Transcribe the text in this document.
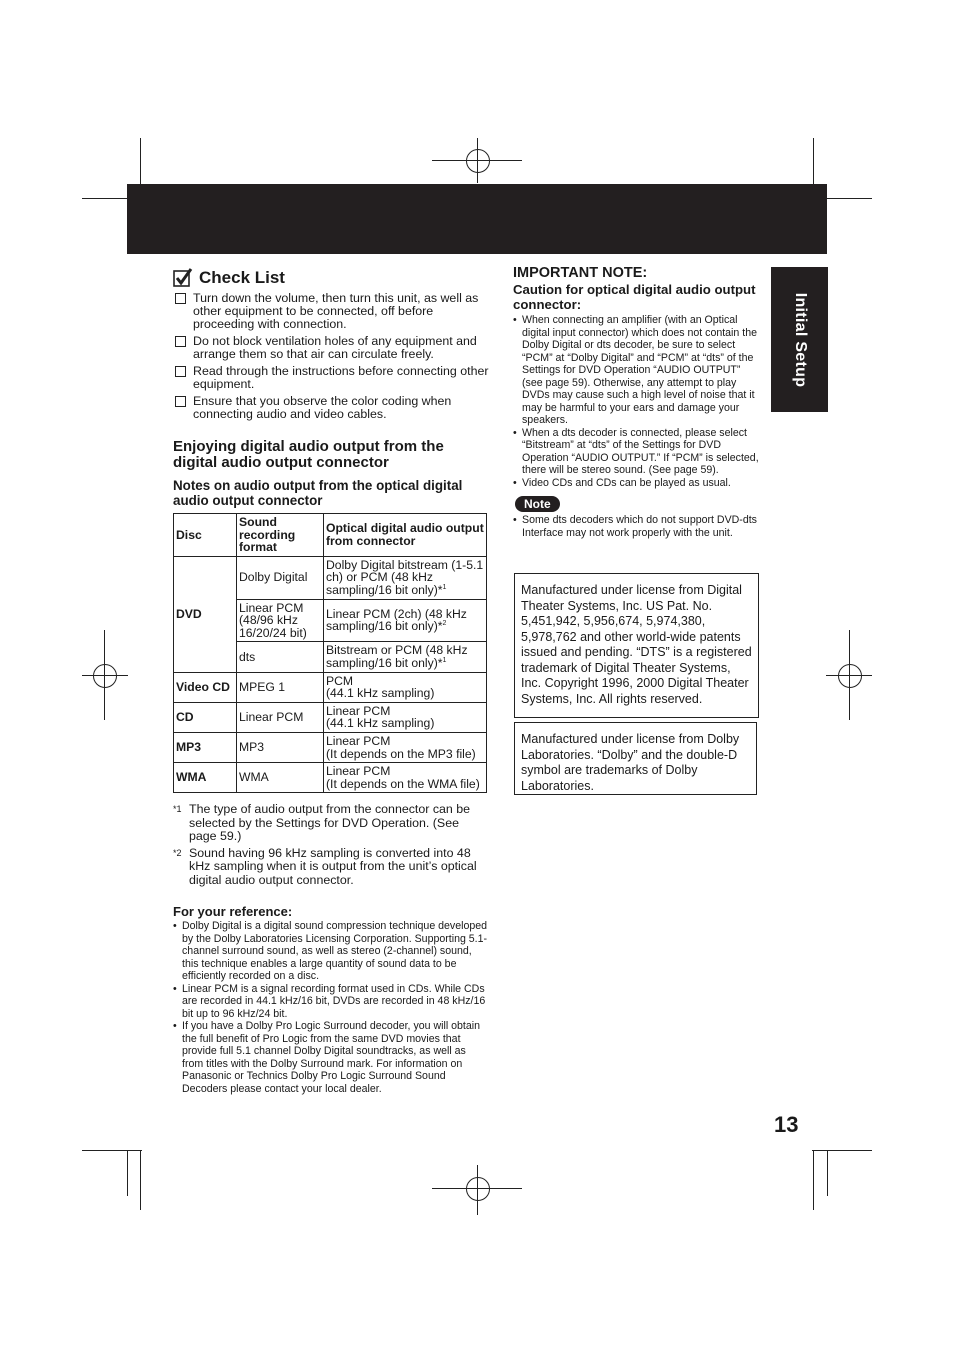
Initial Setup
13
Check List
Turn down the volume, then turn this unit, as well as other equipment to be connected, off before proceeding with connection.
Do not block ventilation holes of any equipment and arrange them so that air can circulate freely.
Read through the instructions before connecting other equipment.
Ensure that you observe the color coding when connecting audio and video cables.
Enjoying digital audio output from the digital audio output connector
Notes on audio output from the optical digital audio output connector
Disc	Sound recording format	Optical digital audio output from connector
DVD	Dolby Digital	Dolby Digital bitstream (1-5.1 ch) or PCM (48 kHz sampling/16 bit only)*$^1$
	Linear PCM (48/96 kHz 16/20/24 bit)	Linear PCM (2ch) (48 kHz sampling/16 bit only)*$^2$
	dts	Bitstream or PCM (48 kHz sampling/16 bit only)*$^1$
Video CD	MPEG 1	PCM
(44.1 kHz sampling)
CD	Linear PCM	Linear PCM
(44.1 kHz sampling)
MP3	MP3	Linear PCM
(It depends on the MP3 file)
WMA	WMA	Linear PCM
(It depends on the WMA file)
*1 The type of audio output from the connector can be selected by the Settings for DVD Operation. (See page 59.)
*2 Sound having 96 kHz sampling is converted into 48 kHz sampling when it is output from the unit’s optical digital audio output connector.
For your reference:
• Dolby Digital is a digital sound compression technique developed by the Dolby Laboratories Licensing Corporation. Supporting 5.1-channel surround sound, as well as stereo (2-channel) sound, this technique enables a large quantity of sound data to be efficiently recorded on a disc.
• Linear PCM is a signal recording format used in CDs. While CDs are recorded in 44.1 kHz/16 bit, DVDs are recorded in 48 kHz/16 bit up to 96 kHz/24 bit.
• If you have a Dolby Pro Logic Surround decoder, you will obtain the full benefit of Pro Logic from the same DVD movies that provide full 5.1 channel Dolby Digital soundtracks, as well as from titles with the Dolby Surround mark. For information on Panasonic or Technics Dolby Pro Logic Surround Sound Decoders please contact your local dealer.
IMPORTANT NOTE:
Caution for optical digital audio output connector:
• When connecting an amplifier (with an Optical digital input connector) which does not contain the Dolby Digital or dts decoder, be sure to select “PCM” at “Dolby Digital” and “PCM” at “dts” of the Settings for DVD Operation “AUDIO OUTPUT” (see page 59). Otherwise, any attempt to play DVDs may cause such a high level of noise that it may be harmful to your ears and damage your speakers.
• When a dts decoder is connected, please select “Bitstream” at “dts” of the Settings for DVD Operation “AUDIO OUTPUT.” If “PCM” is selected, there will be stereo sound. (See page 59).
• Video CDs and CDs can be played as usual.
Note
• Some dts decoders which do not support DVD-dts Interface may not work properly with the unit.
Manufactured under license from Digital Theater Systems, Inc. US Pat. No. 5,451,942, 5,956,674, 5,974,380, 5,978,762 and other world-wide patents issued and pending. “DTS” is a registered trademark of Digital Theater Systems, Inc. Copyright 1996, 2000 Digital Theater Systems, Inc. All rights reserved.
Manufactured under license from Dolby Laboratories. “Dolby” and the double-D symbol are trademarks of Dolby Laboratories.
